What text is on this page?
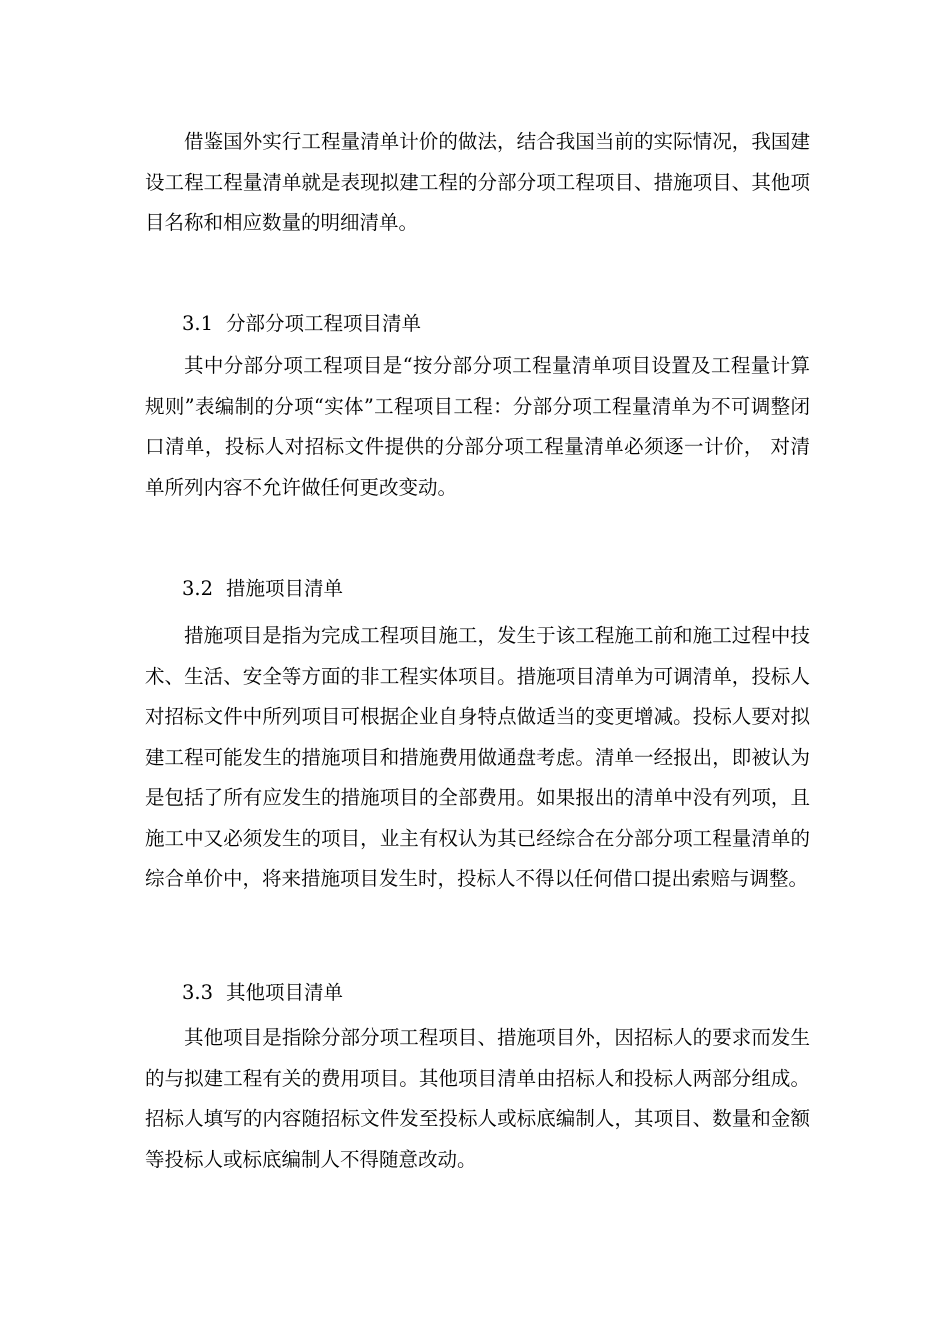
借鉴国外实行工程量清单计价的做法，结合我国当前的实际情况，我国建设工程工程量清单就是表现拟建工程的分部分项工程项目、措施项目、其他项目名称和相应数量的明细清单。

3.1 分部分项工程项目清单

其中分部分项工程项目是“按分部分项工程量清单项目设置及工程量计算规则”表编制的分项“实体”工程项目工程：分部分项工程量清单为不可调整闭口清单，投标人对招标文件提供的分部分项工程量清单必须逐一计价， 对清单所列内容不允许做任何更改变动。

3.2 措施项目清单

措施项目是指为完成工程项目施工，发生于该工程施工前和施工过程中技术、生活、安全等方面的非工程实体项目。措施项目清单为可调清单，投标人对招标文件中所列项目可根据企业自身特点做适当的变更增减。投标人要对拟建工程可能发生的措施项目和措施费用做通盘考虑。清单一经报出，即被认为是包括了所有应发生的措施项目的全部费用。如果报出的清单中没有列项，且施工中又必须发生的项目，业主有权认为其已经综合在分部分项工程量清单的综合单价中，将来措施项目发生时，投标人不得以任何借口提出索赔与调整。

3.3 其他项目清单

其他项目是指除分部分项工程项目、措施项目外，因招标人的要求而发生的与拟建工程有关的费用项目。其他项目清单由招标人和投标人两部分组成。招标人填写的内容随招标文件发至投标人或标底编制人，其项目、数量和金额等投标人或标底编制人不得随意改动。
